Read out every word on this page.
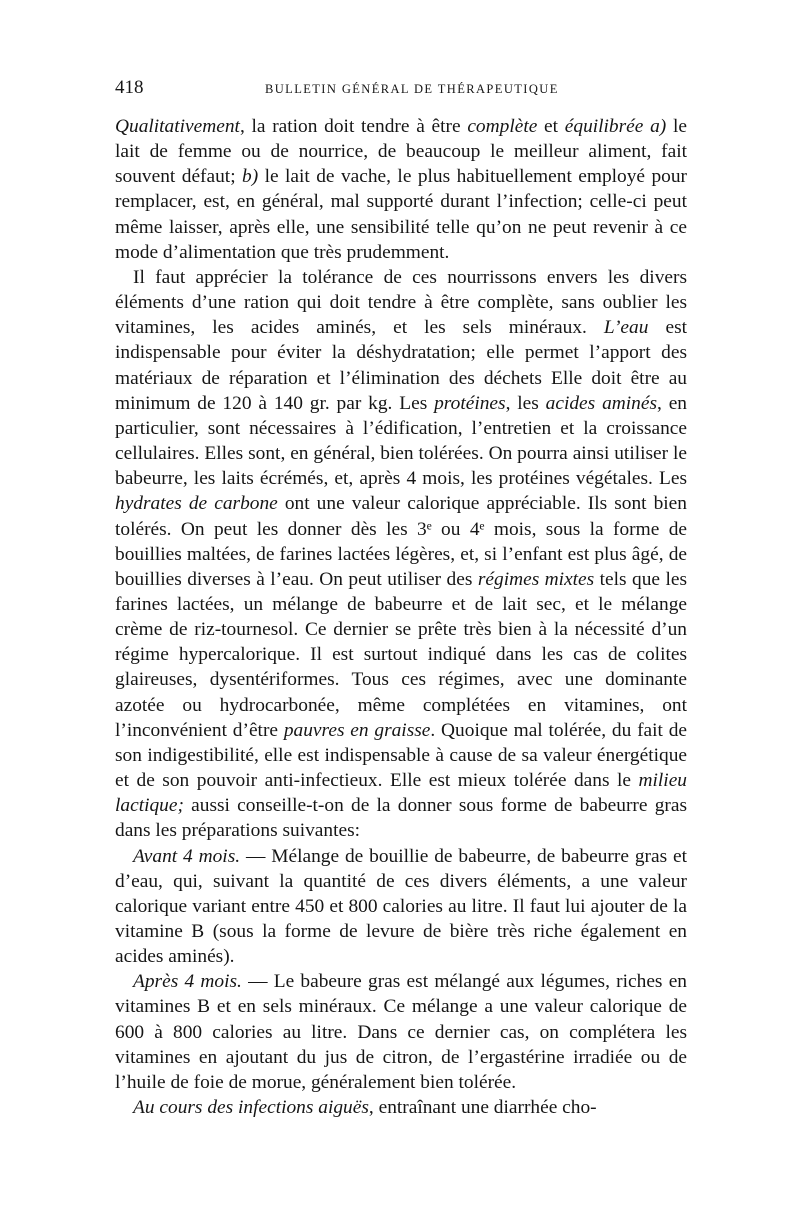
418	BULLETIN GÉNÉRAL DE THÉRAPEUTIQUE

Qualitativement, la ration doit tendre à être complète et équilibrée a) le lait de femme ou de nourrice, de beaucoup le meilleur aliment, fait souvent défaut; b) le lait de vache, le plus habituellement employé pour remplacer, est, en général, mal supporté durant l’infection; celle-ci peut même laisser, après elle, une sensibilité telle qu’on ne peut revenir à ce mode d’alimentation que très prudemment.

Il faut apprécier la tolérance de ces nourrissons envers les divers éléments d’une ration qui doit tendre à être complète, sans oublier les vitamines, les acides aminés, et les sels minéraux. L’eau est indispensable pour éviter la déshydratation; elle permet l’apport des matériaux de réparation et l’élimination des déchets Elle doit être au minimum de 120 à 140 gr. par kg. Les protéines, les acides aminés, en particulier, sont nécessaires à l’édification, l’entretien et la croissance cellulaires. Elles sont, en général, bien tolérées. On pourra ainsi utiliser le babeurre, les laits écrémés, et, après 4 mois, les protéines végétales. Les hydrates de carbone ont une valeur calorique appréciable. Ils sont bien tolérés. On peut les donner dès les 3ᵉ ou 4ᵉ mois, sous la forme de bouillies maltées, de farines lactées légères, et, si l’enfant est plus âgé, de bouillies diverses à l’eau. On peut utiliser des régimes mixtes tels que les farines lactées, un mélange de babeurre et de lait sec, et le mélange crème de riz-tournesol. Ce dernier se prête très bien à la nécessité d’un régime hypercalorique. Il est surtout indiqué dans les cas de colites glaireuses, dysentériformes. Tous ces régimes, avec une dominante azotée ou hydrocarbonée, même complétées en vitamines, ont l’inconvénient d’être pauvres en graisse. Quoique mal tolérée, du fait de son indigestibilité, elle est indispensable à cause de sa valeur énergétique et de son pouvoir anti-infectieux. Elle est mieux tolérée dans le milieu lactique; aussi conseille-t-on de la donner sous forme de babeurre gras dans les préparations suivantes:

Avant 4 mois. — Mélange de bouillie de babeurre, de babeurre gras et d’eau, qui, suivant la quantité de ces divers éléments, a une valeur calorique variant entre 450 et 800 calories au litre. Il faut lui ajouter de la vitamine B (sous la forme de levure de bière très riche également en acides aminés).

Après 4 mois. — Le babeure gras est mélangé aux légumes, riches en vitamines B et en sels minéraux. Ce mélange a une valeur calorique de 600 à 800 calories au litre. Dans ce dernier cas, on complétera les vitamines en ajoutant du jus de citron, de l’ergastérine irradiée ou de l’huile de foie de morue, généralement bien tolérée.

Au cours des infections aiguës, entraînant une diarrhée cho-
